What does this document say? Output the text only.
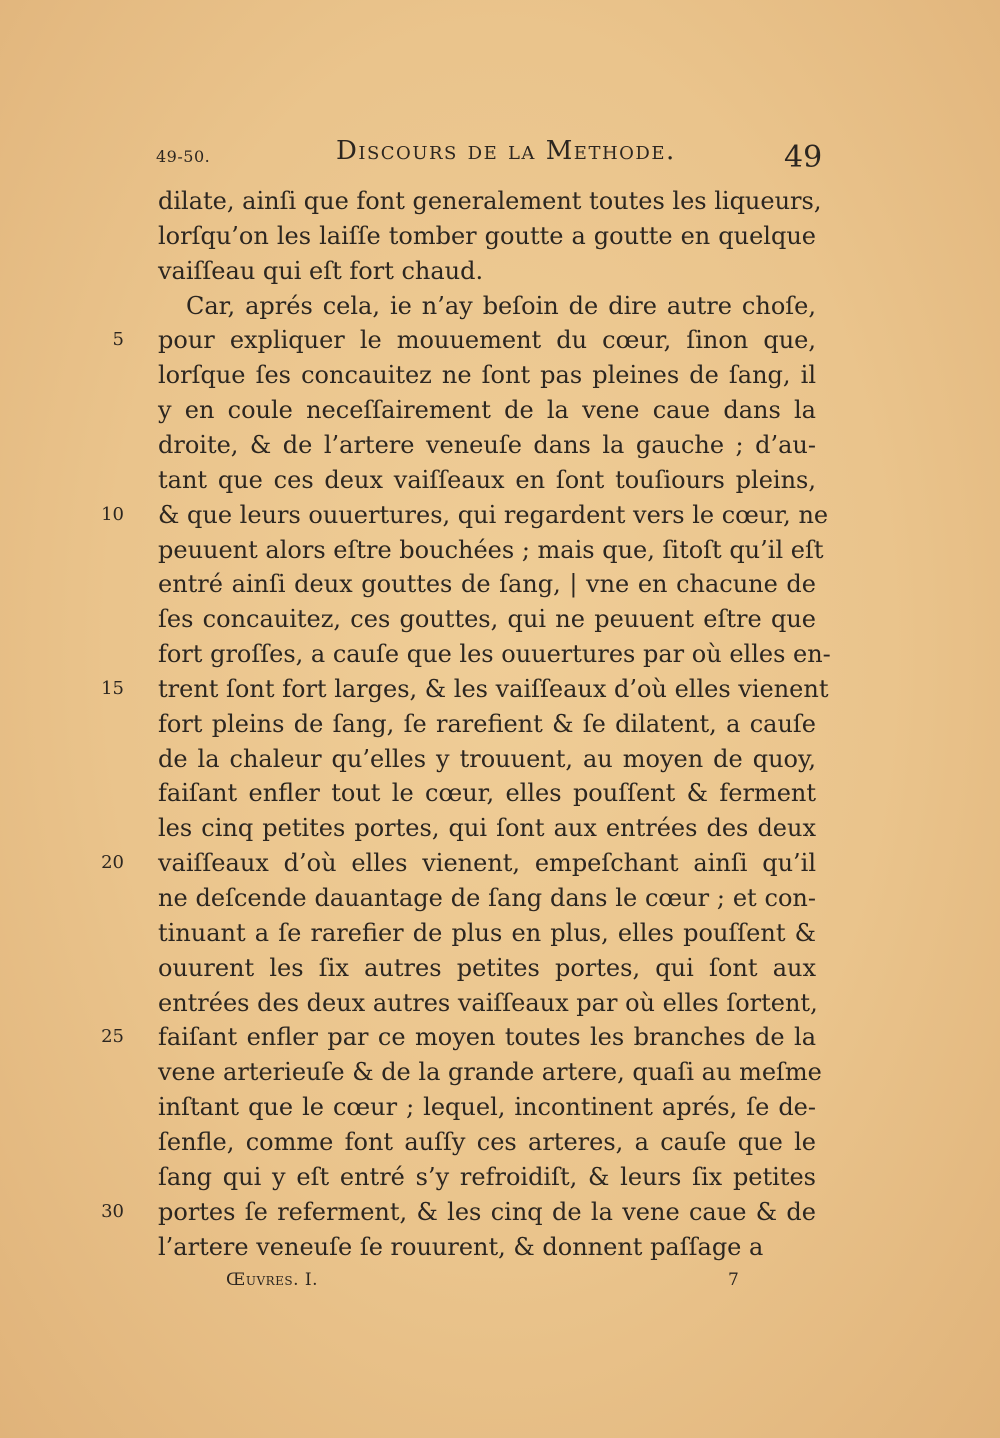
49-50.	Discours de la Methode.	49
dilate, ainſi que font generalement toutes les liqueurs,
lorſqu’on les laiſſe tomber goutte a goutte en quelque
vaiſſeau qui eſt fort chaud.
Car, aprés cela, ie n’ay beſoin de dire autre choſe,
pour expliquer le mouuement du cœur, ſinon que,
5
lorſque ſes concauitez ne ſont pas pleines de ſang, il
y en coule neceſſairement de la vene caue dans la
droite, & de l’artere veneuſe dans la gauche ; d’au-
tant que ces deux vaiſſeaux en ſont touſiours pleins,
& que leurs ouuertures, qui regardent vers le cœur, ne
10
peuuent alors eſtre bouchées ; mais que, ſitoſt qu’il eſt
entré ainſi deux gouttes de ſang, | vne en chacune de
ſes concauitez, ces gouttes, qui ne peuuent eſtre que
fort groſſes, a cauſe que les ouuertures par où elles en-
trent ſont fort larges, & les vaiſſeaux d’où elles vienent
15
fort pleins de ſang, ſe rarefient & ſe dilatent, a cauſe
de la chaleur qu’elles y trouuent, au moyen de quoy,
faiſant enfler tout le cœur, elles pouſſent & ferment
les cinq petites portes, qui ſont aux entrées des deux
vaiſſeaux d’où elles vienent, empeſchant ainſi qu’il
20
ne deſcende dauantage de ſang dans le cœur ; et con-
tinuant a ſe rarefier de plus en plus, elles pouſſent &
ouurent les ſix autres petites portes, qui ſont aux
entrées des deux autres vaiſſeaux par où elles ſortent,
faiſant enfler par ce moyen toutes les branches de la
25
vene arterieuſe & de la grande artere, quaſi au meſme
inſtant que le cœur ; lequel, incontinent aprés, ſe de-
ſenfle, comme font auſſy ces arteres, a cauſe que le
ſang qui y eſt entré s’y refroidiſt, & leurs ſix petites
portes ſe referment, & les cinq de la vene caue & de
30
l’artere veneuſe ſe rouurent, & donnent paſſage a
Œuvres. I.	7
